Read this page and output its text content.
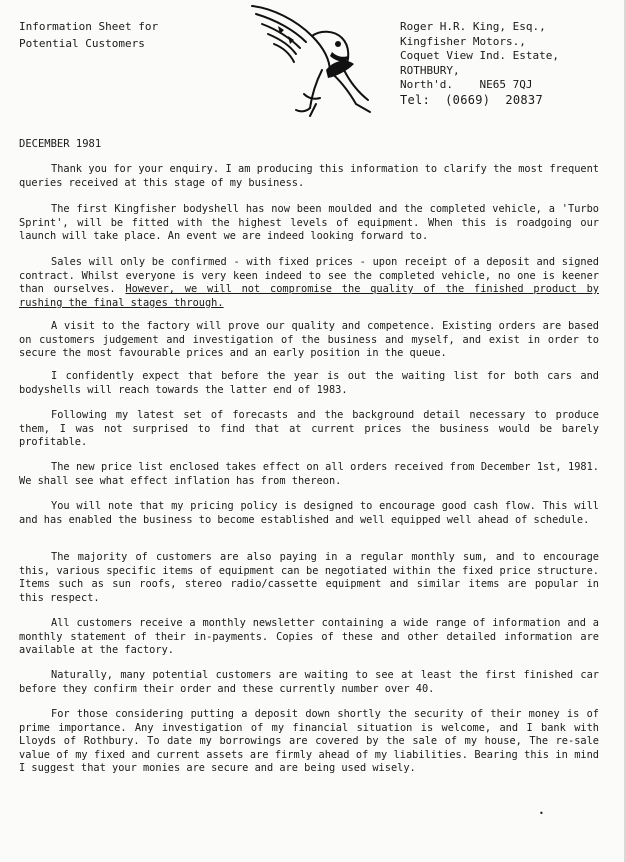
Information Sheet for
Potential Customers
Roger H.R. King, Esq.,
Kingfisher Motors.,
Coquet View Ind. Estate,
ROTHBURY,
North'd.    NE65 7QJ
Tel:  (0669)  20837
DECEMBER 1981

Thank you for your enquiry. I am producing this information to clarify the most frequent queries received at this stage of my business.

The first Kingfisher bodyshell has now been moulded and the completed vehicle, a 'Turbo Sprint', will be fitted with the highest levels of equipment. When this is roadgoing our launch will take place. An event we are indeed looking forward to.

Sales will only be confirmed - with fixed prices - upon receipt of a deposit and signed contract. Whilst everyone is very keen indeed to see the completed vehicle, no one is keener than ourselves. However, we will not compromise the quality of the finished product by rushing the final stages through.

A visit to the factory will prove our quality and competence. Existing orders are based on customers judgement and investigation of the business and myself, and exist in order to secure the most favourable prices and an early position in the queue.

I confidently expect that before the year is out the waiting list for both cars and bodyshells will reach towards the latter end of 1983.

Following my latest set of forecasts and the background detail necessary to produce them, I was not surprised to find that at current prices the business would be barely profitable.

The new price list enclosed takes effect on all orders received from December 1st, 1981. We shall see what effect inflation has from thereon.

You will note that my pricing policy is designed to encourage good cash flow. This will and has enabled the business to become established and well equipped well ahead of schedule.

The majority of customers are also paying in a regular monthly sum, and to encourage this, various specific items of equipment can be negotiated within the fixed price structure. Items such as sun roofs, stereo radio/cassette equipment and similar items are popular in this respect.

All customers receive a monthly newsletter containing a wide range of information and a monthly statement of their in-payments. Copies of these and other detailed information are available at the factory.

Naturally, many potential customers are waiting to see at least the first finished car before they confirm their order and these currently number over 40.

For those considering putting a deposit down shortly the security of their money is of prime importance. Any investigation of my financial situation is welcome, and I bank with Lloyds of Rothbury. To date my borrowings are covered by the sale of my house, The re-sale value of my fixed and current assets are firmly ahead of my liabilities. Bearing this in mind I suggest that your monies are secure and are being used wisely.

•
